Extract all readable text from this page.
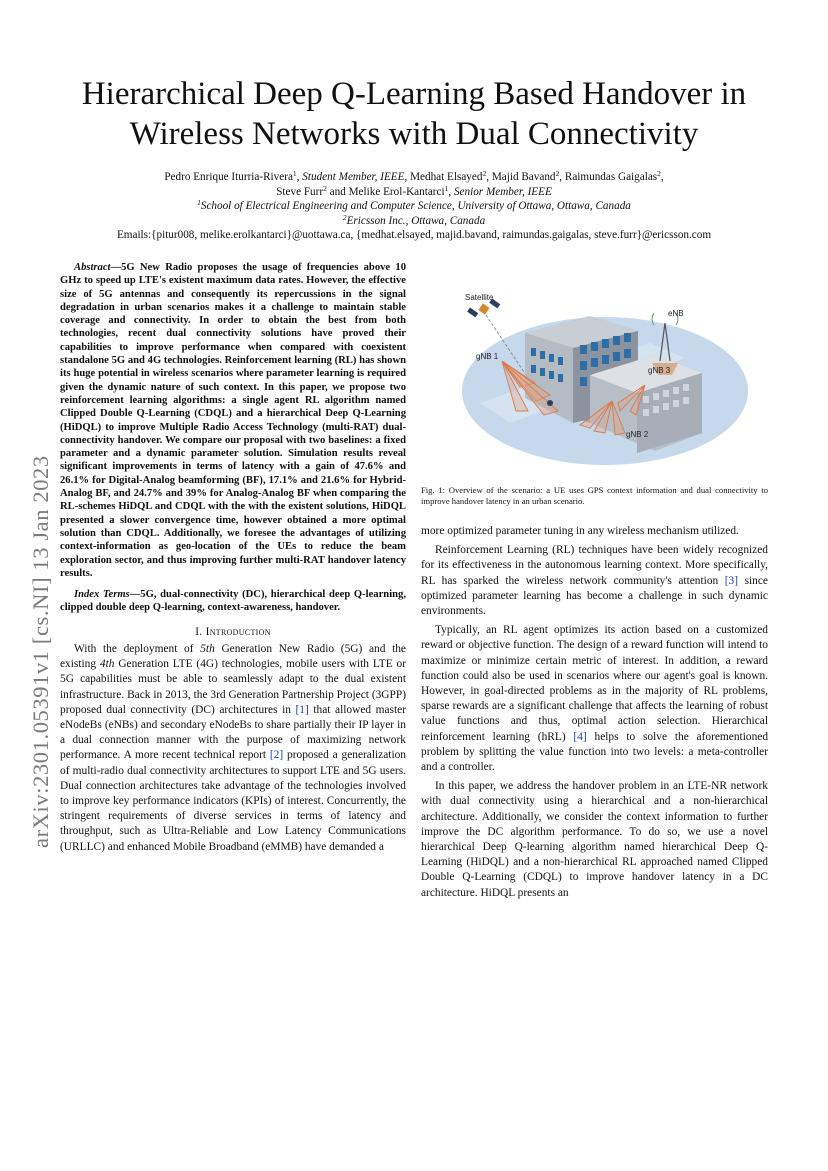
arXiv:2301.05391v1 [cs.NI] 13 Jan 2023
Hierarchical Deep Q-Learning Based Handover in
Wireless Networks with Dual Connectivity
Pedro Enrique Iturria-Rivera$^1$, Student Member, IEEE, Medhat Elsayed$^2$, Majid Bavand$^2$, Raimundas Gaigalas$^2$,
Steve Furr$^2$ and Melike Erol-Kantarci$^1$, Senior Member, IEEE
$^1$School of Electrical Engineering and Computer Science, University of Ottawa, Ottawa, Canada
$^2$Ericsson Inc., Ottawa, Canada
Emails:{pitur008, melike.erolkantarci}@uottawa.ca, {medhat.elsayed, majid.bavand, raimundas.gaigalas, steve.furr}@ericsson.com

Abstract—5G New Radio proposes the usage of frequencies above 10 GHz to speed up LTE's existent maximum data rates. However, the effective size of 5G antennas and consequently its repercussions in the signal degradation in urban scenarios makes it a challenge to maintain stable coverage and connectivity. In order to obtain the best from both technologies, recent dual connectivity solutions have proved their capabilities to improve performance when compared with coexistent standalone 5G and 4G technologies. Reinforcement learning (RL) has shown its huge potential in wireless scenarios where parameter learning is required given the dynamic nature of such context. In this paper, we propose two reinforcement learning algorithms: a single agent RL algorithm named Clipped Double Q-Learning (CDQL) and a hierarchical Deep Q-Learning (HiDQL) to improve Multiple Radio Access Technology (multi-RAT) dual-connectivity handover. We compare our proposal with two baselines: a fixed parameter and a dynamic parameter solution. Simulation results reveal significant improvements in terms of latency with a gain of 47.6% and 26.1% for Digital-Analog beamforming (BF), 17.1% and 21.6% for Hybrid-Analog BF, and 24.7% and 39% for Analog-Analog BF when comparing the RL-schemes HiDQL and CDQL with the with the existent solutions, HiDQL presented a slower convergence time, however obtained a more optimal solution than CDQL. Additionally, we foresee the advantages of utilizing context-information as geo-location of the UEs to reduce the beam exploration sector, and thus improving further multi-RAT handover latency results.

Index Terms—5G, dual-connectivity (DC), hierarchical deep Q-learning, clipped double deep Q-learning, context-awareness, handover.

I. Introduction

With the deployment of 5th Generation New Radio (5G) and the existing 4th Generation LTE (4G) technologies, mobile users with LTE or 5G capabilities must be able to seamlessly adapt to the dual existent infrastructure. Back in 2013, the 3rd Generation Partnership Project (3GPP) proposed dual connectivity (DC) architectures in [1] that allowed master eNodeBs (eNBs) and secondary eNodeBs to share partially their IP layer in a dual connection manner with the purpose of maximizing network performance. A more recent technical report [2] proposed a generalization of multi-radio dual connectivity architectures to support LTE and 5G users. Dual connection architectures take advantage of the technologies involved to improve key performance indicators (KPIs) of interest. Concurrently, the stringent requirements of diverse services in terms of latency and throughput, such as Ultra-Reliable and Low Latency Communications (URLLC) and enhanced Mobile Broadband (eMMB) have demanded a

Satellite
eNB
gNB 1
gNB 3
gNB 2
Fig. 1: Overview of the scenario: a UE uses GPS context information and dual connectivity to improve handover latency in an urban scenario.

more optimized parameter tuning in any wireless mechanism utilized.

Reinforcement Learning (RL) techniques have been widely recognized for its effectiveness in the autonomous learning context. More specifically, RL has sparked the wireless network community's attention [3] since optimized parameter learning has become a challenge in such dynamic environments.

Typically, an RL agent optimizes its action based on a customized reward or objective function. The design of a reward function will intend to maximize or minimize certain metric of interest. In addition, a reward function could also be used in scenarios where our agent's goal is known. However, in goal-directed problems as in the majority of RL problems, sparse rewards are a significant challenge that affects the learning of robust value functions and thus, optimal action selection. Hierarchical reinforcement learning (hRL) [4] helps to solve the aforementioned problem by splitting the value function into two levels: a meta-controller and a controller.

In this paper, we address the handover problem in an LTE-NR network with dual connectivity using a hierarchical and a non-hierarchical architecture. Additionally, we consider the context information to further improve the DC algorithm performance. To do so, we use a novel hierarchical Deep Q-learning algorithm named hierarchical Deep Q-Learning (HiDQL) and a non-hierarchical RL approached named Clipped Double Q-Learning (CDQL) to improve handover latency in a DC architecture. HiDQL presents an
